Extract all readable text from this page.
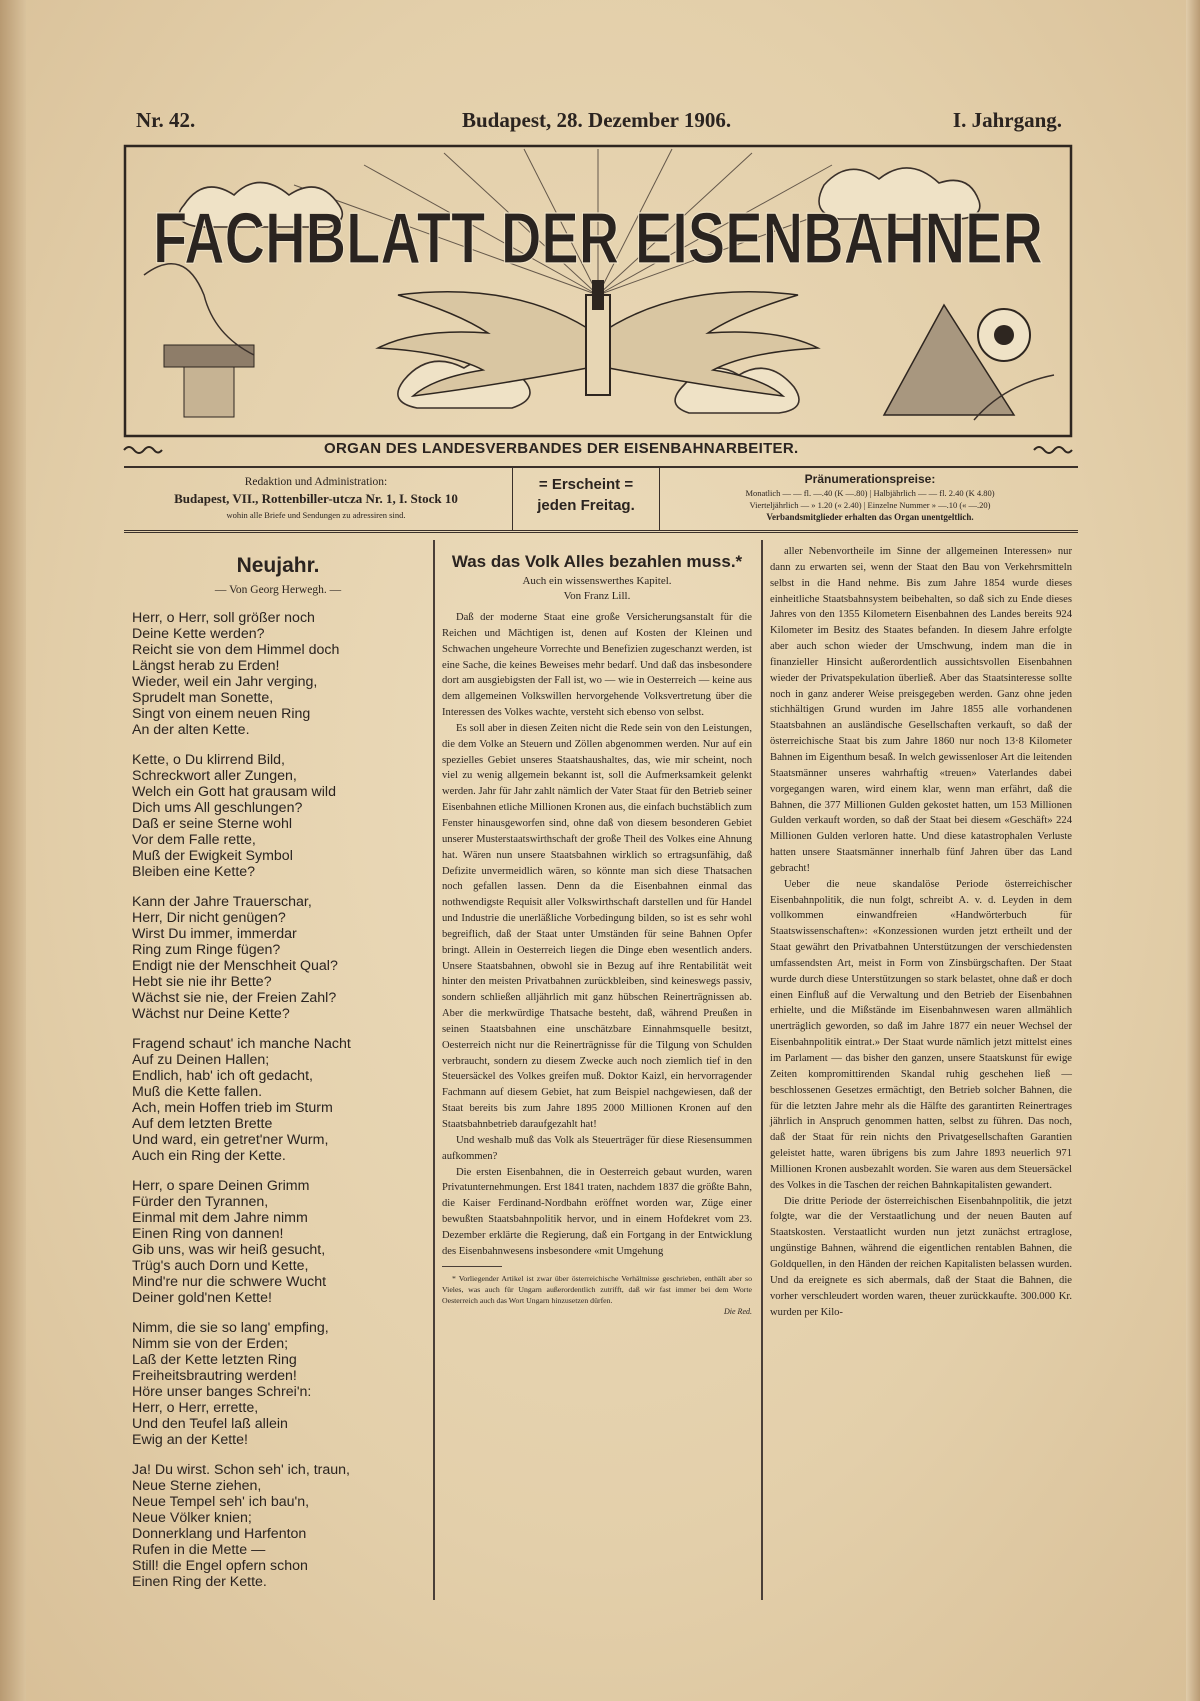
Nr. 42.	Budapest, 28. Dezember 1906.	I. Jahrgang.
FACHBLATT DER EISENBAHNER
ORGAN DES LANDESVERBANDES DER EISENBAHNARBEITER.
Redaktion und Administration:
Budapest, VII., Rottenbiller-utcza Nr. 1, I. Stock 10
wohin alle Briefe und Sendungen zu adressiren sind.
= Erscheint =
jeden Freitag.
Pränumerationspreise:
Monatlich — — fl. —.40 (K —.80) | Halbjährlich — — fl. 2.40 (K 4.80)
Vierteljährlich — » 1.20 (« 2.40) | Einzelne Nummer » —.10 (« —.20)
Verbandsmitglieder erhalten das Organ unentgeltlich.
Neujahr.
— Von Georg Herwegh. —
Herr, o Herr, soll größer noch
Deine Kette werden?
Reicht sie von dem Himmel doch
Längst herab zu Erden!
Wieder, weil ein Jahr verging,
Sprudelt man Sonette,
Singt von einem neuen Ring
An der alten Kette.
Kette, o Du klirrend Bild,
Schreckwort aller Zungen,
Welch ein Gott hat grausam wild
Dich ums All geschlungen?
Daß er seine Sterne wohl
Vor dem Falle rette,
Muß der Ewigkeit Symbol
Bleiben eine Kette?
Kann der Jahre Trauerschar,
Herr, Dir nicht genügen?
Wirst Du immer, immerdar
Ring zum Ringe fügen?
Endigt nie der Menschheit Qual?
Hebt sie nie ihr Bette?
Wächst sie nie, der Freien Zahl?
Wächst nur Deine Kette?
Fragend schaut' ich manche Nacht
Auf zu Deinen Hallen;
Endlich, hab' ich oft gedacht,
Muß die Kette fallen.
Ach, mein Hoffen trieb im Sturm
Auf dem letzten Brette
Und ward, ein getret'ner Wurm,
Auch ein Ring der Kette.
Herr, o spare Deinen Grimm
Fürder den Tyrannen,
Einmal mit dem Jahre nimm
Einen Ring von dannen!
Gib uns, was wir heiß gesucht,
Trüg's auch Dorn und Kette,
Mind're nur die schwere Wucht
Deiner gold'nen Kette!
Nimm, die sie so lang' empfing,
Nimm sie von der Erden;
Laß der Kette letzten Ring
Freiheitsbrautring werden!
Höre unser banges Schrei'n:
Herr, o Herr, errette,
Und den Teufel laß allein
Ewig an der Kette!
Ja! Du wirst. Schon seh' ich, traun,
Neue Sterne ziehen,
Neue Tempel seh' ich bau'n,
Neue Völker knien;
Donnerklang und Harfenton
Rufen in die Mette —
Still! die Engel opfern schon
Einen Ring der Kette.
Was das Volk Alles bezahlen muss.*
Auch ein wissenswerthes Kapitel.
Von Franz Lill.

Daß der moderne Staat eine große Versicherungsanstalt für die Reichen und Mächtigen ist, denen auf Kosten der Kleinen und Schwachen ungeheure Vorrechte und Benefizien zugeschanzt werden, ist eine Sache, die keines Beweises mehr bedarf. Und daß das insbesondere dort am ausgiebigsten der Fall ist, wo — wie in Oesterreich — keine aus dem allgemeinen Volkswillen hervorgehende Volksvertretung über die Interessen des Volkes wachte, versteht sich ebenso von selbst.

Es soll aber in diesen Zeiten nicht die Rede sein von den Leistungen, die dem Volke an Steuern und Zöllen abgenommen werden. Nur auf ein spezielles Gebiet unseres Staatshaushaltes, das, wie mir scheint, noch viel zu wenig allgemein bekannt ist, soll die Aufmerksamkeit gelenkt werden. Jahr für Jahr zahlt nämlich der Vater Staat für den Betrieb seiner Eisenbahnen etliche Millionen Kronen aus, die einfach buchstäblich zum Fenster hinausgeworfen sind, ohne daß von diesem besonderen Gebiet unserer Musterstaatswirthschaft der große Theil des Volkes eine Ahnung hat. Wären nun unsere Staatsbahnen wirklich so ertragsunfähig, daß Defizite unvermeidlich wären, so könnte man sich diese Thatsachen noch gefallen lassen. Denn da die Eisenbahnen einmal das nothwendigste Requisit aller Volkswirthschaft darstellen und für Handel und Industrie die unerläßliche Vorbedingung bilden, so ist es sehr wohl begreiflich, daß der Staat unter Umständen für seine Bahnen Opfer bringt. Allein in Oesterreich liegen die Dinge eben wesentlich anders. Unsere Staatsbahnen, obwohl sie in Bezug auf ihre Rentabilität weit hinter den meisten Privatbahnen zurückbleiben, sind keineswegs passiv, sondern schließen alljährlich mit ganz hübschen Reinerträgnissen ab. Aber die merkwürdige Thatsache besteht, daß, während Preußen in seinen Staatsbahnen eine unschätzbare Einnahmsquelle besitzt, Oesterreich nicht nur die Reinerträgnisse für die Tilgung von Schulden verbraucht, sondern zu diesem Zwecke auch noch ziemlich tief in den Steuersäckel des Volkes greifen muß. Doktor Kaizl, ein hervorragender Fachmann auf diesem Gebiet, hat zum Beispiel nachgewiesen, daß der Staat bereits bis zum Jahre 1895 2000 Millionen Kronen auf den Staatsbahnbetrieb daraufgezahlt hat!

Und weshalb muß das Volk als Steuerträger für diese Riesensummen aufkommen?

Die ersten Eisenbahnen, die in Oesterreich gebaut wurden, waren Privatunternehmungen. Erst 1841 traten, nachdem 1837 die größte Bahn, die Kaiser Ferdinand-Nordbahn eröffnet worden war, Züge einer bewußten Staatsbahnpolitik hervor, und in einem Hofdekret vom 23. Dezember erklärte die Regierung, daß ein Fortgang in der Entwicklung des Eisenbahnwesens insbesondere «mit Umgehung

* Vorliegender Artikel ist zwar über österreichische Verhältnisse geschrieben, enthält aber so Vieles, was auch für Ungarn außerordentlich zutrifft, daß wir fast immer bei dem Worte Oesterreich auch das Wort Ungarn hinzusetzen dürfen.
Die Red.

aller Nebenvortheile im Sinne der allgemeinen Interessen» nur dann zu erwarten sei, wenn der Staat den Bau von Verkehrsmitteln selbst in die Hand nehme. Bis zum Jahre 1854 wurde dieses einheitliche Staatsbahnsystem beibehalten, so daß sich zu Ende dieses Jahres von den 1355 Kilometern Eisenbahnen des Landes bereits 924 Kilometer im Besitz des Staates befanden. In diesem Jahre erfolgte aber auch schon wieder der Umschwung, indem man die in finanzieller Hinsicht außerordentlich aussichtsvollen Eisenbahnen wieder der Privatspekulation überließ. Aber das Staatsinteresse sollte noch in ganz anderer Weise preisgegeben werden. Ganz ohne jeden stichhältigen Grund wurden im Jahre 1855 alle vorhandenen Staatsbahnen an ausländische Gesellschaften verkauft, so daß der österreichische Staat bis zum Jahre 1860 nur noch 13·8 Kilometer Bahnen im Eigenthum besaß. In welch gewissenloser Art die leitenden Staatsmänner unseres wahrhaftig «treuen» Vaterlandes dabei vorgegangen waren, wird einem klar, wenn man erfährt, daß die Bahnen, die 377 Millionen Gulden gekostet hatten, um 153 Millionen Gulden verkauft worden, so daß der Staat bei diesem «Geschäft» 224 Millionen Gulden verloren hatte. Und diese katastrophalen Verluste hatten unsere Staatsmänner innerhalb fünf Jahren über das Land gebracht!

Ueber die neue skandalöse Periode österreichischer Eisenbahnpolitik, die nun folgt, schreibt A. v. d. Leyden in dem vollkommen einwandfreien «Handwörterbuch für Staatswissenschaften»: «Konzessionen wurden jetzt ertheilt und der Staat gewährt den Privatbahnen Unterstützungen der verschiedensten umfassendsten Art, meist in Form von Zinsbürgschaften. Der Staat wurde durch diese Unterstützungen so stark belastet, ohne daß er doch einen Einfluß auf die Verwaltung und den Betrieb der Eisenbahnen erhielte, und die Mißstände im Eisenbahnwesen waren allmählich unerträglich geworden, so daß im Jahre 1877 ein neuer Wechsel der Eisenbahnpolitik eintrat.» Der Staat wurde nämlich jetzt mittelst eines im Parlament — das bisher den ganzen, unsere Staatskunst für ewige Zeiten kompromittirenden Skandal ruhig geschehen ließ — beschlossenen Gesetzes ermächtigt, den Betrieb solcher Bahnen, die für die letzten Jahre mehr als die Hälfte des garantirten Reinertrages jährlich in Anspruch genommen hatten, selbst zu führen. Das noch, daß der Staat für rein nichts den Privatgesellschaften Garantien geleistet hatte, waren übrigens bis zum Jahre 1893 neuerlich 971 Millionen Kronen ausbezahlt worden. Sie waren aus dem Steuersäckel des Volkes in die Taschen der reichen Bahnkapitalisten gewandert.

Die dritte Periode der österreichischen Eisenbahnpolitik, die jetzt folgte, war die der Verstaatlichung und der neuen Bauten auf Staatskosten. Verstaatlicht wurden nun jetzt zunächst ertraglose, ungünstige Bahnen, während die eigentlichen rentablen Bahnen, die Goldquellen, in den Händen der reichen Kapitalisten belassen wurden. Und da ereignete es sich abermals, daß der Staat die Bahnen, die vorher verschleudert worden waren, theuer zurückkaufte. 300.000 Kr. wurden per Kilo-
